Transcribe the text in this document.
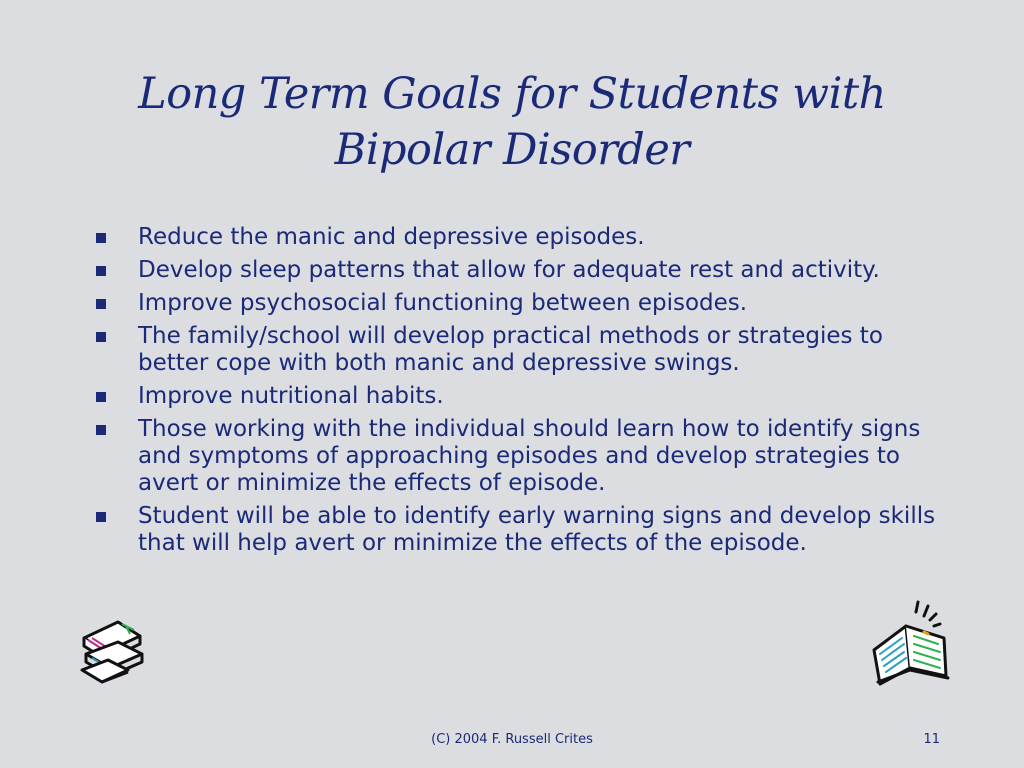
Long Term Goals for Students with
Bipolar Disorder
Reduce the manic and depressive episodes.
Develop sleep patterns that allow for adequate rest and activity.
Improve psychosocial functioning between episodes.
The family/school will develop practical methods or strategies to better cope with both manic and depressive swings.
Improve nutritional habits.
Those working with the individual should learn how to identify signs and symptoms of approaching episodes and develop strategies to avert or minimize the effects of episode.
Student will be able to identify early warning signs and develop skills that will help avert or minimize the effects of the episode.
(C) 2004 F. Russell Crites	11
